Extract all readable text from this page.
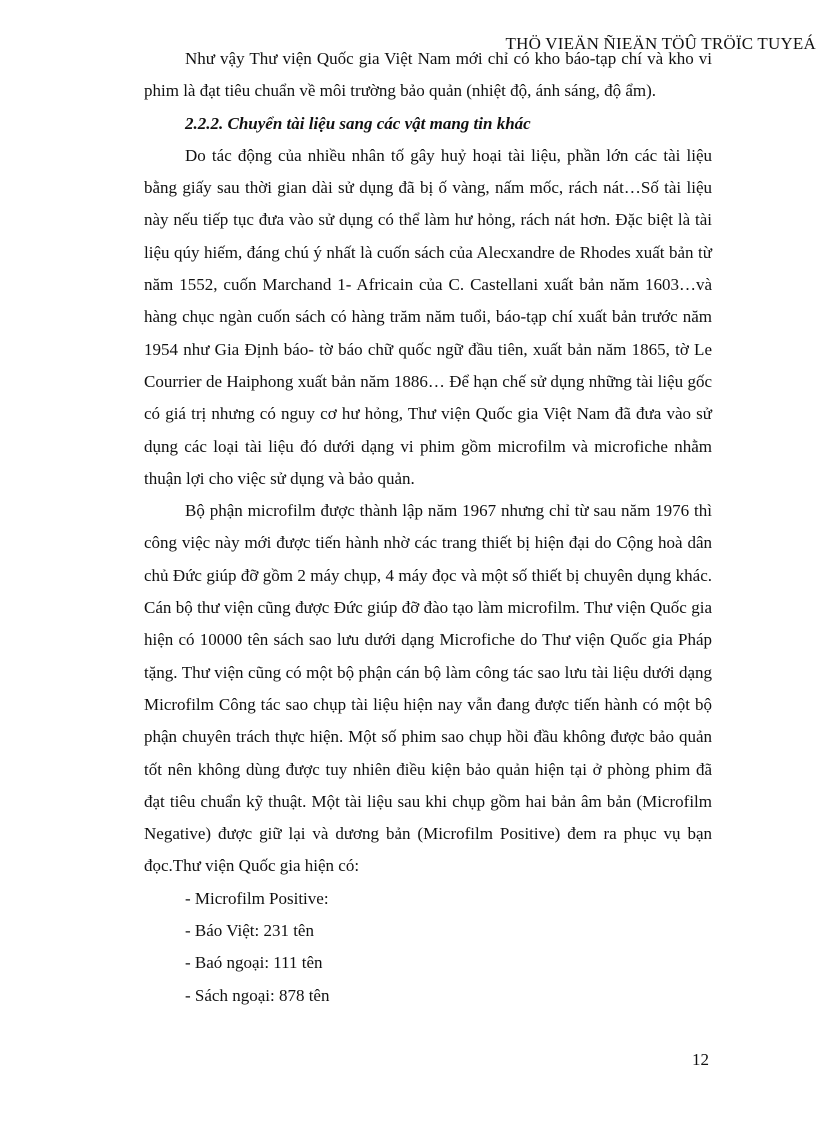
THÖ VIEÄN ÑIEÄN TÖÛ TRÖÏC TUYEÁ

Như vậy Thư viện Quốc gia Việt Nam mới chỉ có kho báo-tạp chí và kho vi phim là đạt tiêu chuẩn về môi trường bảo quản (nhiệt độ, ánh sáng, độ ẩm).

2.2.2. Chuyển tài liệu sang các vật mang tin khác

Do tác động của nhiều nhân tố gây huỷ hoại tài liệu, phần lớn các tài liệu bằng giấy sau thời gian dài sử dụng đã bị ố vàng, nấm mốc, rách nát…Số tài liệu này nếu tiếp tục đưa vào sử dụng có thể làm hư hỏng, rách nát hơn. Đặc biệt là tài liệu qúy hiếm, đáng chú ý nhất là cuốn sách của Alecxandre de Rhodes xuất bản từ năm 1552, cuốn Marchand 1- Africain của C. Castellani xuất bản năm 1603…và hàng chục ngàn cuốn sách có hàng trăm năm tuổi, báo-tạp chí xuất bản trước năm 1954 như Gia Định báo- tờ báo chữ quốc ngữ đầu tiên, xuất bản năm 1865, tờ Le Courrier de Haiphong xuất bản năm 1886… Để hạn chế sử dụng những tài liệu gốc có giá trị nhưng có nguy cơ hư hỏng, Thư viện Quốc gia Việt Nam đã đưa vào sử dụng các loại tài liệu đó dưới dạng vi phim gồm microfilm và microfiche nhằm thuận lợi cho việc sử dụng và bảo quản.

Bộ phận microfilm được thành lập năm 1967 nhưng chỉ từ sau năm 1976 thì công việc này mới được tiến hành nhờ các trang thiết bị hiện đại do Cộng hoà dân chủ Đức giúp đỡ gồm 2 máy chụp, 4 máy đọc và một số thiết bị chuyên dụng khác. Cán bộ thư viện cũng được Đức giúp đỡ đào tạo làm microfilm. Thư viện Quốc gia hiện có 10000 tên sách sao lưu dưới dạng Microfiche do Thư viện Quốc gia Pháp tặng. Thư viện cũng có một bộ phận cán bộ làm công tác sao lưu tài liệu dưới dạng Microfilm Công tác sao chụp tài liệu hiện nay vẫn đang được tiến hành có một bộ phận chuyên trách thực hiện. Một số phim sao chụp hồi đầu không được bảo quản tốt nên không dùng được tuy nhiên điều kiện bảo quản hiện tại ở phòng phim đã đạt tiêu chuẩn kỹ thuật. Một tài liệu sau khi chụp gồm hai bản âm bản (Microfilm Negative) được giữ lại và dương bản (Microfilm Positive) đem ra phục vụ bạn đọc.Thư viện Quốc gia hiện có:

- Microfilm Positive:

- Báo Việt: 231 tên

- Baó ngoại: 111 tên

- Sách ngoại: 878 tên

12
